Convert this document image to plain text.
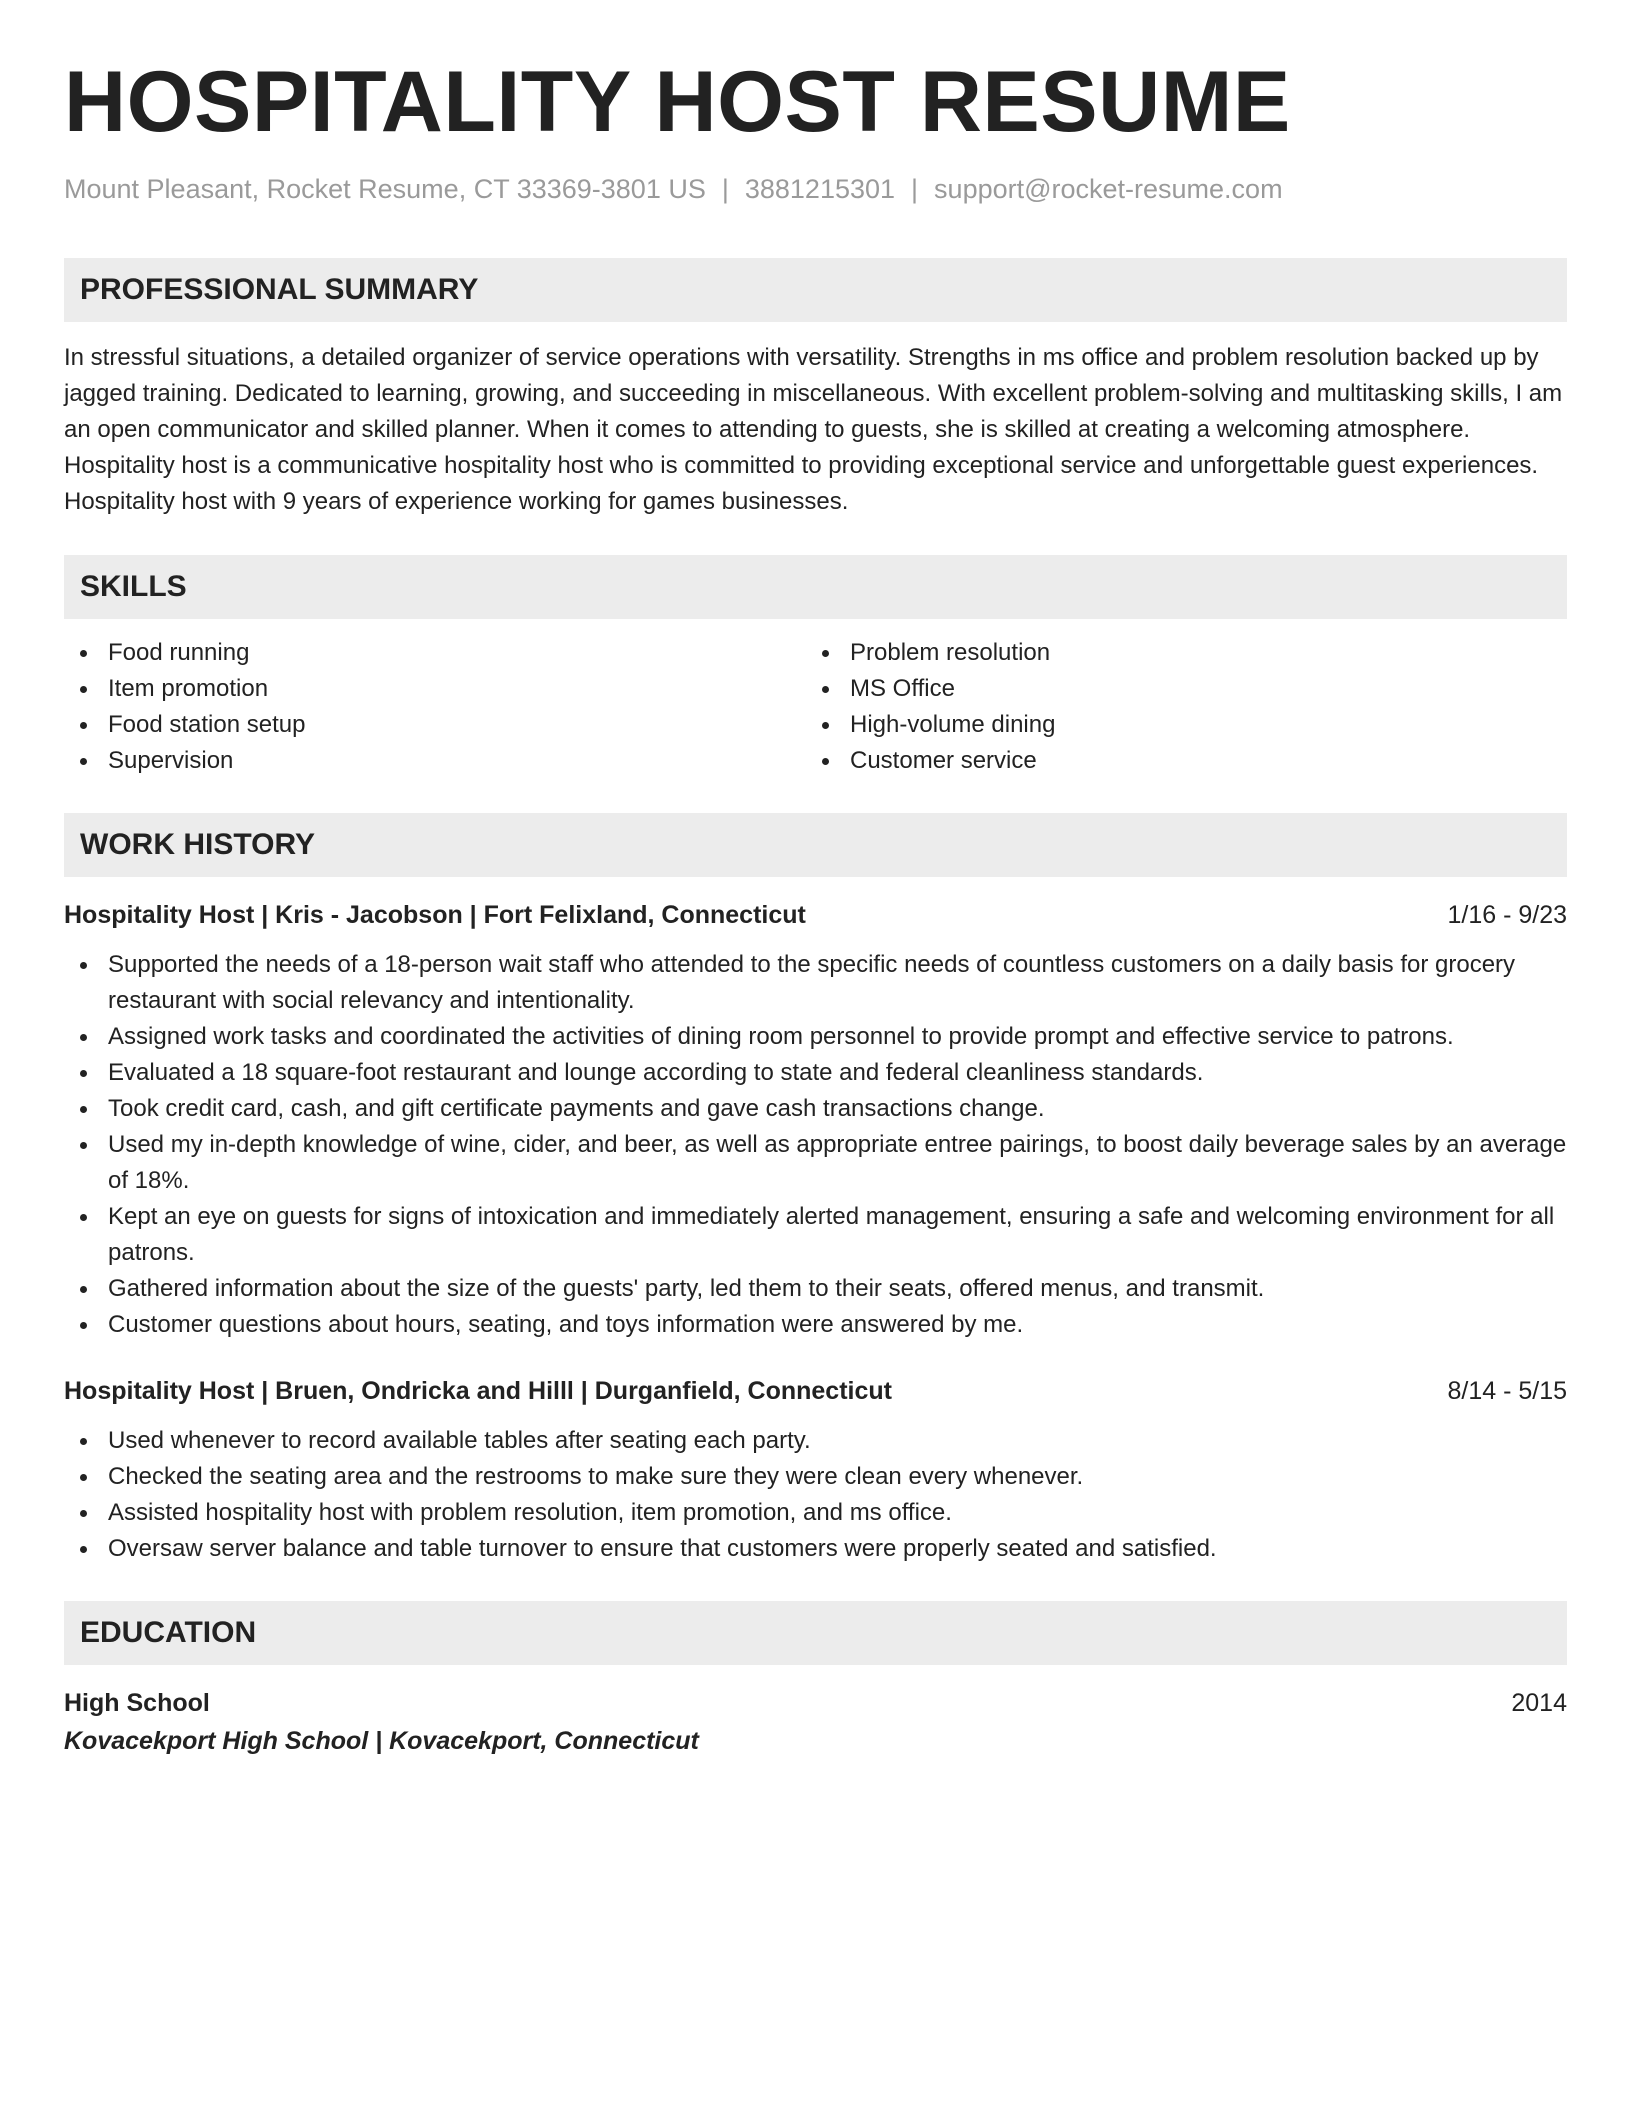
HOSPITALITY HOST RESUME
Mount Pleasant, Rocket Resume, CT 33369-3801 US | 3881215301 | support@rocket-resume.com
PROFESSIONAL SUMMARY
In stressful situations, a detailed organizer of service operations with versatility. Strengths in ms office and problem resolution backed up by jagged training. Dedicated to learning, growing, and succeeding in miscellaneous. With excellent problem-solving and multitasking skills, I am an open communicator and skilled planner. When it comes to attending to guests, she is skilled at creating a welcoming atmosphere. Hospitality host is a communicative hospitality host who is committed to providing exceptional service and unforgettable guest experiences. Hospitality host with 9 years of experience working for games businesses.
SKILLS
Food running
Item promotion
Food station setup
Supervision
Problem resolution
MS Office
High-volume dining
Customer service
WORK HISTORY
Hospitality Host | Kris - Jacobson | Fort Felixland, Connecticut	1/16 - 9/23
Supported the needs of a 18-person wait staff who attended to the specific needs of countless customers on a daily basis for grocery restaurant with social relevancy and intentionality.
Assigned work tasks and coordinated the activities of dining room personnel to provide prompt and effective service to patrons.
Evaluated a 18 square-foot restaurant and lounge according to state and federal cleanliness standards.
Took credit card, cash, and gift certificate payments and gave cash transactions change.
Used my in-depth knowledge of wine, cider, and beer, as well as appropriate entree pairings, to boost daily beverage sales by an average of 18%.
Kept an eye on guests for signs of intoxication and immediately alerted management, ensuring a safe and welcoming environment for all patrons.
Gathered information about the size of the guests' party, led them to their seats, offered menus, and transmit.
Customer questions about hours, seating, and toys information were answered by me.
Hospitality Host | Bruen, Ondricka and Hilll | Durganfield, Connecticut	8/14 - 5/15
Used whenever to record available tables after seating each party.
Checked the seating area and the restrooms to make sure they were clean every whenever.
Assisted hospitality host with problem resolution, item promotion, and ms office.
Oversaw server balance and table turnover to ensure that customers were properly seated and satisfied.
EDUCATION
High School	2014
Kovacekport High School | Kovacekport, Connecticut
